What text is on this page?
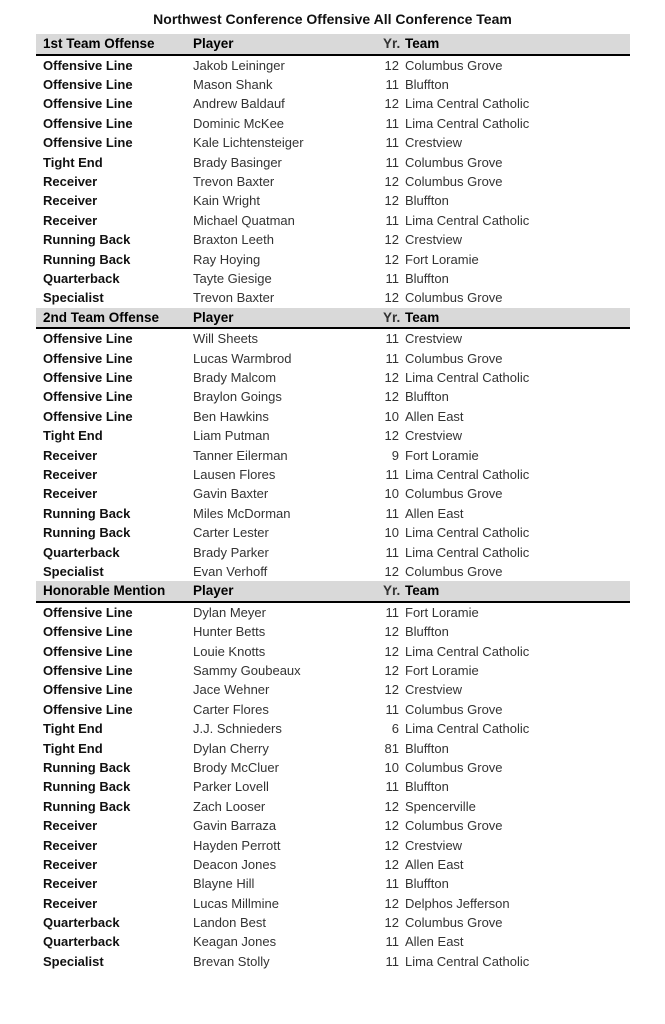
Northwest Conference Offensive All Conference Team
1st Team Offense	Player	Yr. Team
Offensive Line	Jakob Leininger	12 Columbus Grove
Offensive Line	Mason Shank	11 Bluffton
Offensive Line	Andrew Baldauf	12 Lima Central Catholic
Offensive Line	Dominic McKee	11 Lima Central Catholic
Offensive Line	Kale Lichtensteiger	11 Crestview
Tight End	Brady Basinger	11 Columbus Grove
Receiver	Trevon Baxter	12 Columbus Grove
Receiver	Kain Wright	12 Bluffton
Receiver	Michael Quatman	11 Lima Central Catholic
Running Back	Braxton Leeth	12 Crestview
Running Back	Ray Hoying	12 Fort Loramie
Quarterback	Tayte Giesige	11 Bluffton
Specialist	Trevon Baxter	12 Columbus Grove
2nd Team Offense	Player	Yr. Team
Offensive Line	Will Sheets	11 Crestview
Offensive Line	Lucas Warmbrod	11 Columbus Grove
Offensive Line	Brady Malcom	12 Lima Central Catholic
Offensive Line	Braylon Goings	12 Bluffton
Offensive Line	Ben Hawkins	10 Allen East
Tight End	Liam Putman	12 Crestview
Receiver	Tanner Eilerman	9 Fort Loramie
Receiver	Lausen Flores	11 Lima Central Catholic
Receiver	Gavin Baxter	10 Columbus Grove
Running Back	Miles McDorman	11 Allen East
Running Back	Carter Lester	10 Lima Central Catholic
Quarterback	Brady Parker	11 Lima Central Catholic
Specialist	Evan Verhoff	12 Columbus Grove
Honorable Mention	Player	Yr. Team
Offensive Line	Dylan Meyer	11 Fort Loramie
Offensive Line	Hunter Betts	12 Bluffton
Offensive Line	Louie Knotts	12 Lima Central Catholic
Offensive Line	Sammy Goubeaux	12 Fort Loramie
Offensive Line	Jace Wehner	12 Crestview
Offensive Line	Carter Flores	11 Columbus Grove
Tight End	J.J. Schnieders	6 Lima Central Catholic
Tight End	Dylan Cherry	81 Bluffton
Running Back	Brody McCluer	10 Columbus Grove
Running Back	Parker Lovell	11 Bluffton
Running Back	Zach Looser	12 Spencerville
Receiver	Gavin Barraza	12 Columbus Grove
Receiver	Hayden Perrott	12 Crestview
Receiver	Deacon Jones	12 Allen East
Receiver	Blayne Hill	11 Bluffton
Receiver	Lucas Millmine	12 Delphos Jefferson
Quarterback	Landon Best	12 Columbus Grove
Quarterback	Keagan Jones	11 Allen East
Specialist	Brevan Stolly	11 Lima Central Catholic
